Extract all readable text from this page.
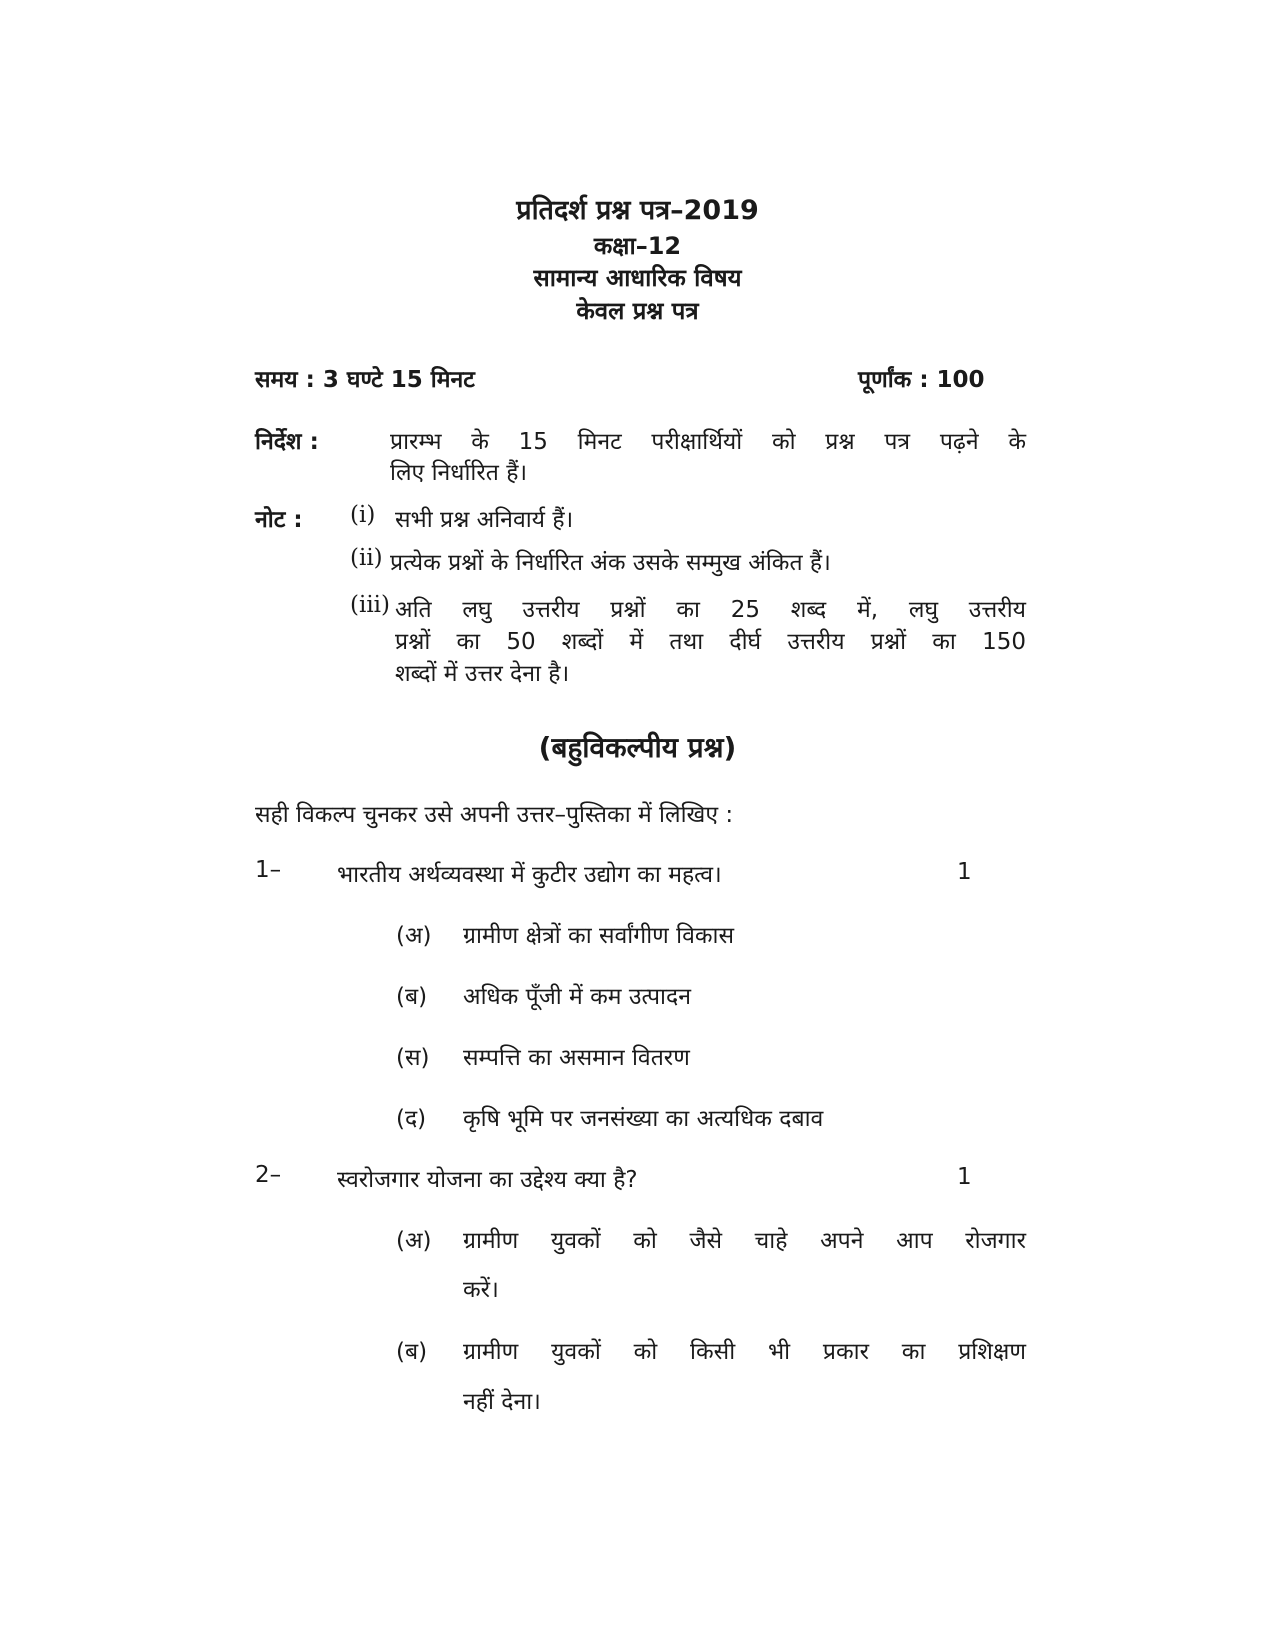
प्रतिदर्श प्रश्न पत्र–2019
कक्षा–12
सामान्य आधारिक विषय
केवल प्रश्न पत्र
समय : 3 घण्टे 15 मिनट	पूर्णांक : 100
निर्देश :	प्रारम्भ के 15 मिनट परीक्षार्थियों को प्रश्न पत्र पढ़ने के
लिए निर्धारित हैं।
नोट : (i) सभी प्रश्न अनिवार्य हैं।
(ii) प्रत्येक प्रश्नों के निर्धारित अंक उसके सम्मुख अंकित हैं।
(iii) अति लघु उत्तरीय प्रश्नों का 25 शब्द में, लघु उत्तरीय
प्रश्नों का 50 शब्दों में तथा दीर्घ उत्तरीय प्रश्नों का 150
शब्दों में उत्तर देना है।
(बहुविकल्पीय प्रश्न)
सही विकल्प चुनकर उसे अपनी उत्तर–पुस्तिका में लिखिए :
1– भारतीय अर्थव्यवस्था में कुटीर उद्योग का महत्व।	1
(अ) ग्रामीण क्षेत्रों का सर्वांगीण विकास
(ब) अधिक पूँजी में कम उत्पादन
(स) सम्पत्ति का असमान वितरण
(द) कृषि भूमि पर जनसंख्या का अत्यधिक दबाव
2– स्वरोजगार योजना का उद्देश्य क्या है?	1
(अ) ग्रामीण युवकों को जैसे चाहे अपने आप रोजगार
करें।
(ब) ग्रामीण युवकों को किसी भी प्रकार का प्रशिक्षण
नहीं देना।
